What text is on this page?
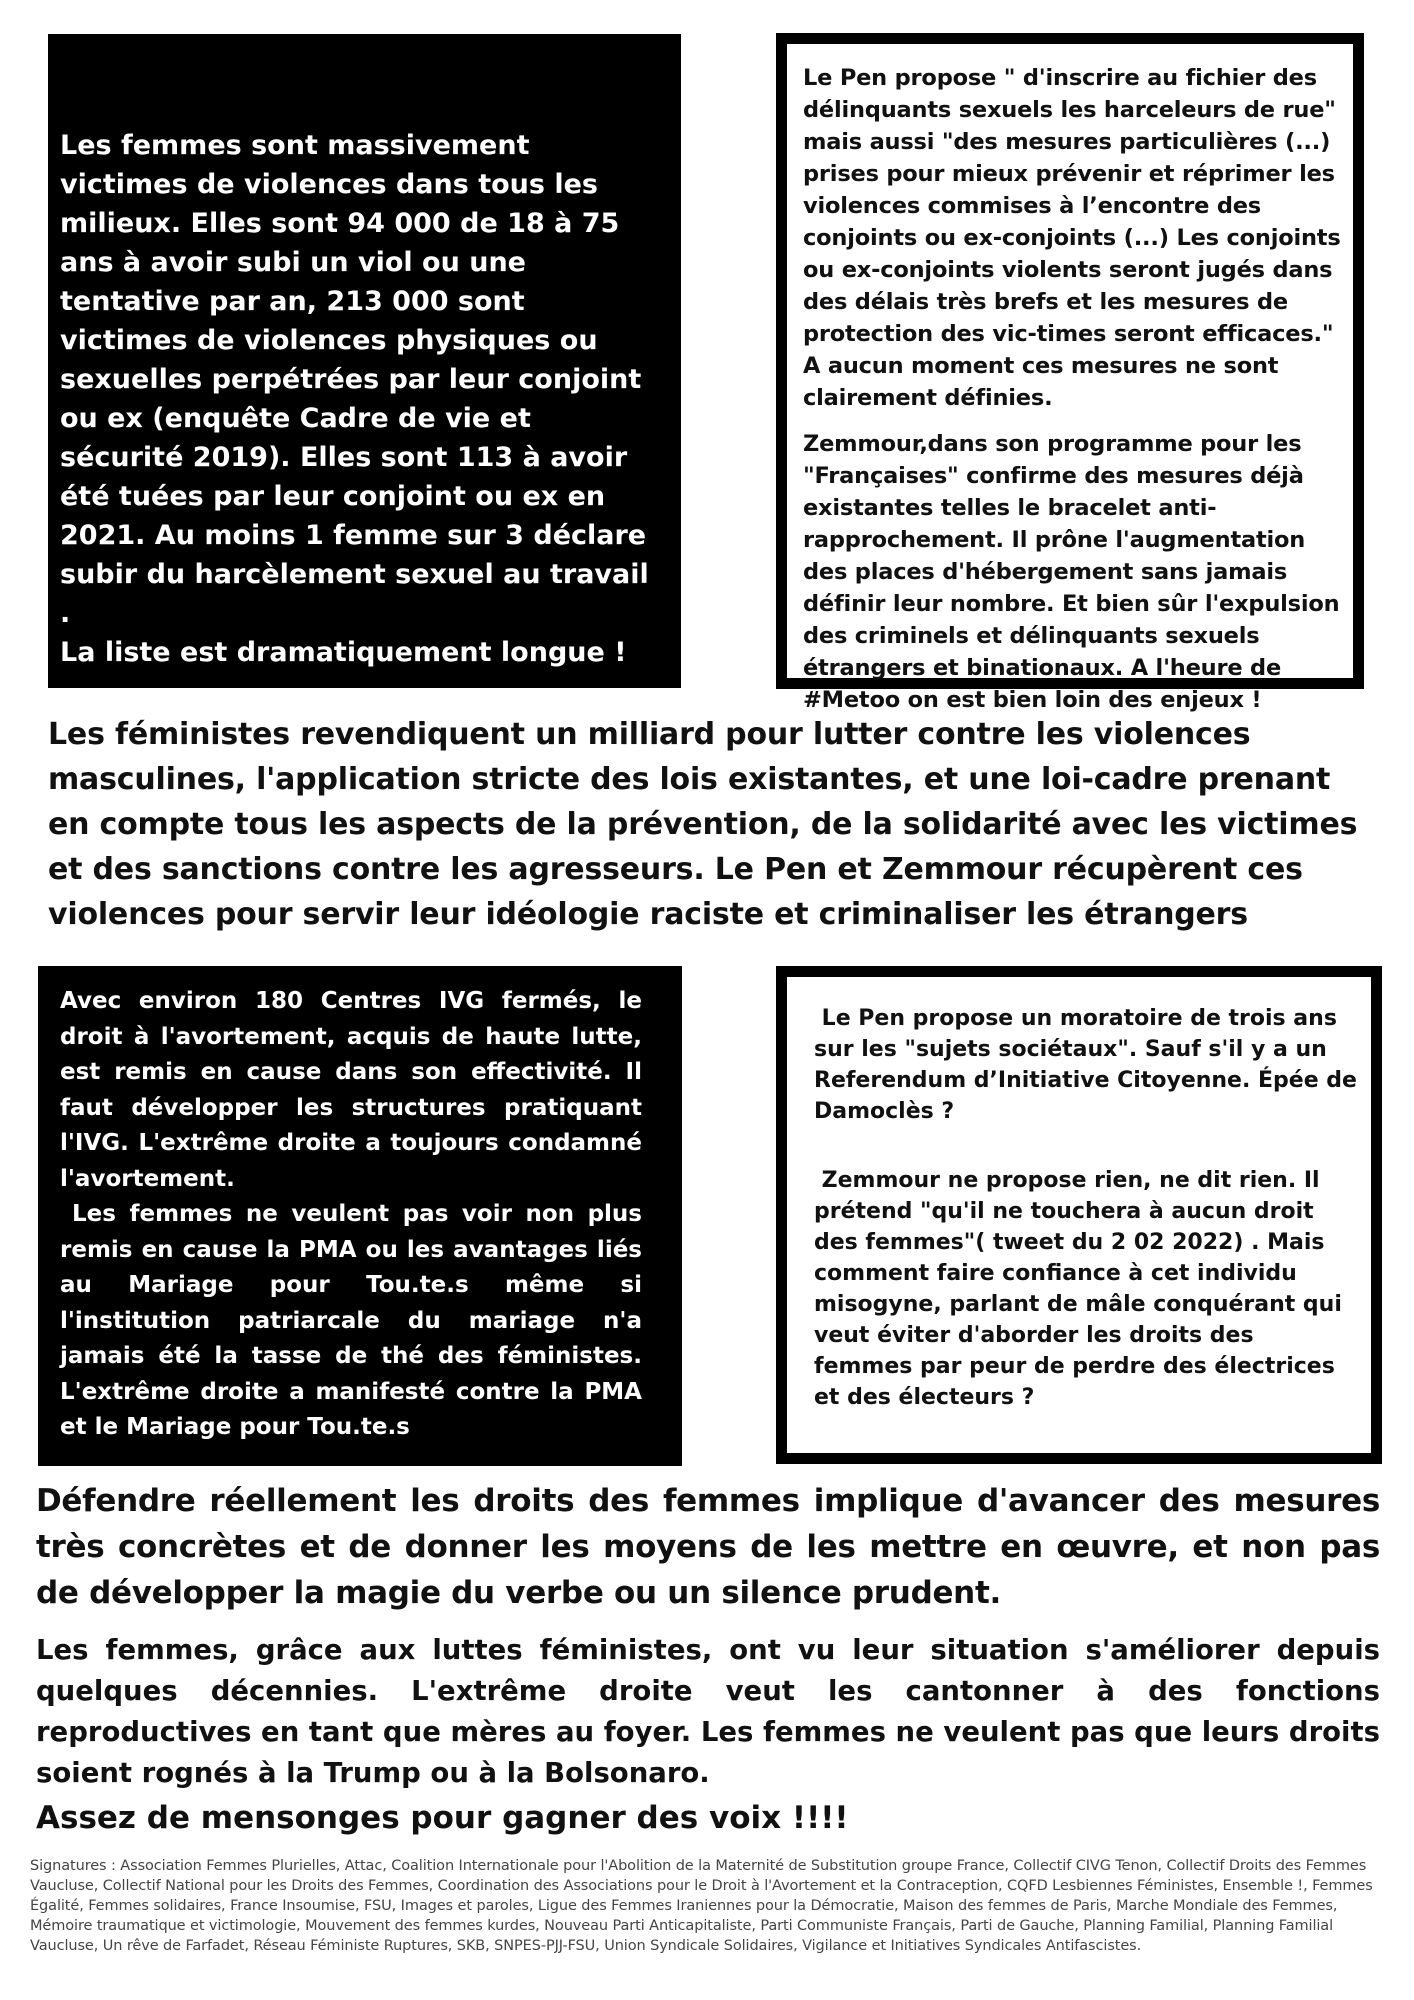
Les femmes sont massivement victimes de violences dans tous les milieux. Elles sont 94 000 de 18 à 75 ans à avoir subi un viol ou une tentative par an, 213 000 sont victimes de violences physiques ou sexuelles perpétrées par leur conjoint ou ex (enquête Cadre de vie et sécurité 2019). Elles sont 113 à avoir été tuées par leur conjoint ou ex en 2021. Au moins 1 femme sur 3 déclare subir du harcèlement sexuel au travail .

La liste est dramatiquement longue !

Le Pen propose " d'inscrire au fichier des délinquants sexuels les harceleurs de rue" mais aussi "des mesures particulières (...) prises pour mieux prévenir et réprimer les violences commises à l’encontre des conjoints ou ex-conjoints (...) Les conjoints ou ex-conjoints violents seront jugés dans des délais très brefs et les mesures de protection des vic-times seront efficaces." A aucun moment ces mesures ne sont clairement définies.

Zemmour,dans son programme pour les "Françaises" confirme des mesures déjà existantes telles le bracelet anti-rapprochement. Il prône l'augmentation des places d'hébergement sans jamais définir leur nombre. Et bien sûr l'expulsion des criminels et délinquants sexuels étrangers et binationaux. A l'heure de #Metoo on est bien loin des enjeux !

Les féministes revendiquent un milliard pour lutter contre les violences masculines, l'application stricte des lois existantes, et une loi-cadre prenant en compte tous les aspects de la prévention, de la solidarité avec les victimes et des sanctions contre les agresseurs. Le Pen et Zemmour récupèrent ces violences pour servir leur idéologie raciste et criminaliser les étrangers

Avec environ 180 Centres IVG fermés, le droit à l'avortement, acquis de haute lutte, est remis en cause dans son effectivité. Il faut développer les structures pratiquant l'IVG. L'extrême droite a toujours condamné l'avortement.

Les femmes ne veulent pas voir non plus remis en cause la PMA ou les avantages liés au Mariage pour Tou.te.s même si l'institution patriarcale du mariage n'a jamais été la tasse de thé des féministes. L'extrême droite a manifesté contre la PMA et le Mariage pour Tou.te.s

Le Pen propose un moratoire de trois ans sur les "sujets sociétaux". Sauf s'il y a un Referendum d’Initiative Citoyenne. Épée de Damoclès ?

Zemmour ne propose rien, ne dit rien. Il prétend "qu'il ne touchera à aucun droit des femmes"( tweet du 2 02 2022) . Mais comment faire confiance à cet individu misogyne, parlant de mâle conquérant qui veut éviter d'aborder les droits des femmes par peur de perdre des électrices et des électeurs ?

Défendre réellement les droits des femmes implique d'avancer des mesures très concrètes et de donner les moyens de les mettre en œuvre, et non pas de développer la magie du verbe ou un silence prudent.

Les femmes, grâce aux luttes féministes, ont vu leur situation s'améliorer depuis quelques décennies. L'extrême droite veut les cantonner à des fonctions reproductives en tant que mères au foyer. Les femmes ne veulent pas que leurs droits soient rognés à la Trump ou à la Bolsonaro.

Assez de mensonges pour gagner des voix !!!!

Signatures : Association Femmes Plurielles, Attac, Coalition Internationale pour l'Abolition de la Maternité de Substitution groupe France, Collectif CIVG Tenon, Collectif Droits des Femmes Vaucluse, Collectif National pour les Droits des Femmes, Coordination des Associations pour le Droit à l'Avortement et la Contraception, CQFD Lesbiennes Féministes, Ensemble !, Femmes Égalité, Femmes solidaires, France Insoumise, FSU, Images et paroles, Ligue des Femmes Iraniennes pour la Démocratie, Maison des femmes de Paris, Marche Mondiale des Femmes, Mémoire traumatique et victimologie, Mouvement des femmes kurdes, Nouveau Parti Anticapitaliste, Parti Communiste Français, Parti de Gauche, Planning Familial, Planning Familial Vaucluse, Un rêve de Farfadet, Réseau Féministe Ruptures, SKB, SNPES-PJJ-FSU, Union Syndicale Solidaires, Vigilance et Initiatives Syndicales Antifascistes.
